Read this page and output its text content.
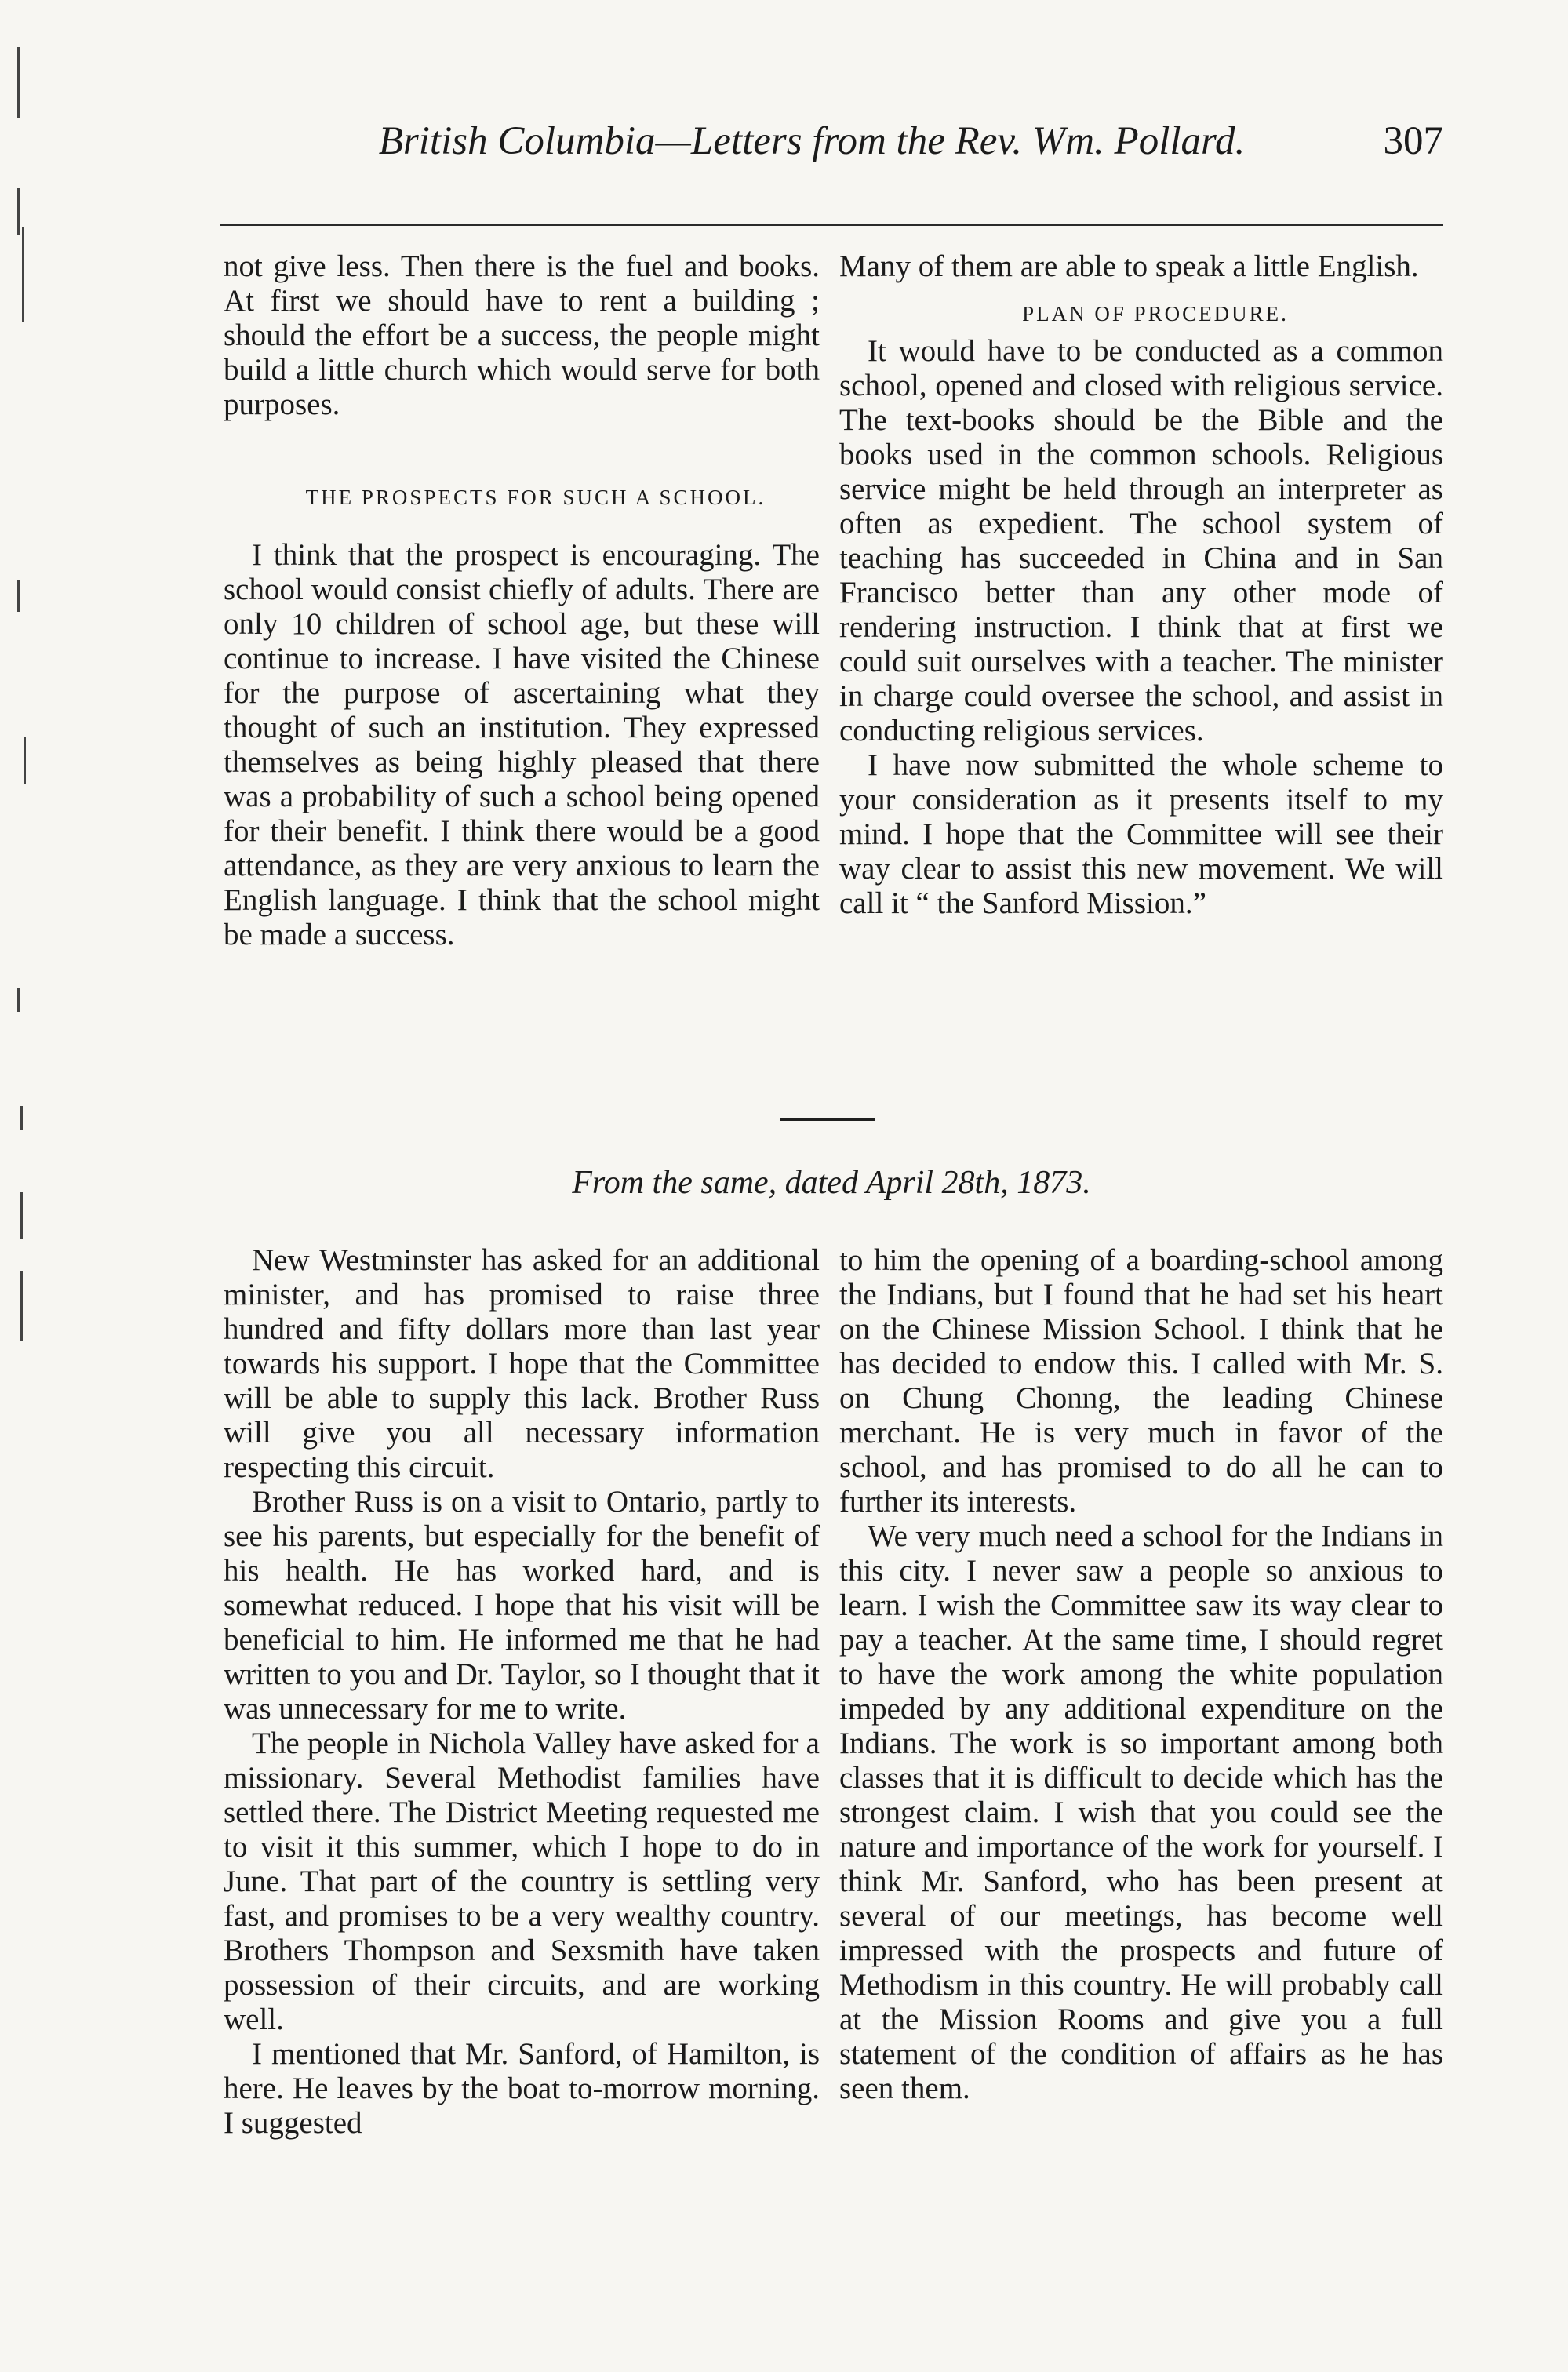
British Columbia—Letters from the Rev. Wm. Pollard.	307

not give less. Then there is the fuel and books. At first we should have to rent a building ; should the effort be a success, the people might build a little church which would serve for both purposes.

THE PROSPECTS FOR SUCH A SCHOOL.

I think that the prospect is encouraging. The school would consist chiefly of adults. There are only 10 children of school age, but these will continue to increase. I have visited the Chinese for the purpose of ascertaining what they thought of such an institution. They expressed themselves as being highly pleased that there was a probability of such a school being opened for their benefit. I think there would be a good attendance, as they are very anxious to learn the English language. I think that the school might be made a success.

Many of them are able to speak a little English.

PLAN OF PROCEDURE.

It would have to be conducted as a common school, opened and closed with religious service. The text-books should be the Bible and the books used in the common schools. Religious service might be held through an interpreter as often as expedient. The school system of teaching has succeeded in China and in San Francisco better than any other mode of rendering instruction. I think that at first we could suit ourselves with a teacher. The minister in charge could oversee the school, and assist in conducting religious services.

I have now submitted the whole scheme to your consideration as it presents itself to my mind. I hope that the Committee will see their way clear to assist this new movement. We will call it “ the Sanford Mission.”

From the same, dated April 28th, 1873.

New Westminster has asked for an additional minister, and has promised to raise three hundred and fifty dollars more than last year towards his support. I hope that the Committee will be able to supply this lack. Brother Russ will give you all necessary information respecting this circuit.

Brother Russ is on a visit to Ontario, partly to see his parents, but especially for the benefit of his health. He has worked hard, and is somewhat reduced. I hope that his visit will be beneficial to him. He informed me that he had written to you and Dr. Taylor, so I thought that it was unnecessary for me to write.

The people in Nichola Valley have asked for a missionary. Several Methodist families have settled there. The District Meeting requested me to visit it this summer, which I hope to do in June. That part of the country is settling very fast, and promises to be a very wealthy country. Brothers Thompson and Sexsmith have taken possession of their circuits, and are working well.

I mentioned that Mr. Sanford, of Hamilton, is here. He leaves by the boat to-morrow morning. I suggested

to him the opening of a boarding-school among the Indians, but I found that he had set his heart on the Chinese Mission School. I think that he has decided to endow this. I called with Mr. S. on Chung Chonng, the leading Chinese merchant. He is very much in favor of the school, and has promised to do all he can to further its interests.

We very much need a school for the Indians in this city. I never saw a people so anxious to learn. I wish the Committee saw its way clear to pay a teacher. At the same time, I should regret to have the work among the white population impeded by any additional expenditure on the Indians. The work is so important among both classes that it is difficult to decide which has the strongest claim. I wish that you could see the nature and importance of the work for yourself. I think Mr. Sanford, who has been present at several of our meetings, has become well impressed with the prospects and future of Methodism in this country. He will probably call at the Mission Rooms and give you a full statement of the condition of affairs as he has seen them.
